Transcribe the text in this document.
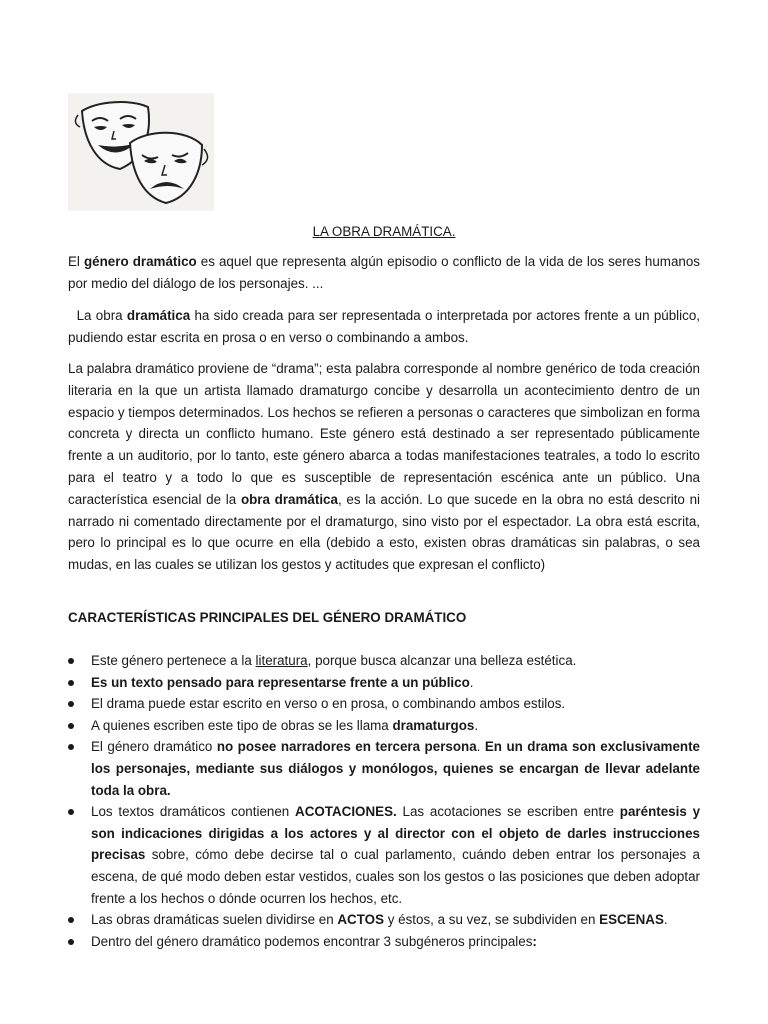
LA OBRA DRAMÁTICA.

El género dramático es aquel que representa algún episodio o conflicto de la vida de los seres humanos por medio del diálogo de los personajes. ...

La obra dramática ha sido creada para ser representada o interpretada por actores frente a un público, pudiendo estar escrita en prosa o en verso o combinando a ambos.

La palabra dramático proviene de “drama”; esta palabra corresponde al nombre genérico de toda creación literaria en la que un artista llamado dramaturgo concibe y desarrolla un acontecimiento dentro de un espacio y tiempos determinados. Los hechos se refieren a personas o caracteres que simbolizan en forma concreta y directa un conflicto humano. Este género está destinado a ser representado públicamente frente a un auditorio, por lo tanto, este género abarca a todas manifestaciones teatrales, a todo lo escrito para el teatro y a todo lo que es susceptible de representación escénica ante un público. Una característica esencial de la obra dramática, es la acción. Lo que sucede en la obra no está descrito ni narrado ni comentado directamente por el dramaturgo, sino visto por el espectador. La obra está escrita, pero lo principal es lo que ocurre en ella (debido a esto, existen obras dramáticas sin palabras, o sea mudas, en las cuales se utilizan los gestos y actitudes que expresan el conflicto)

CARACTERÍSTICAS PRINCIPALES DEL GÉNERO DRAMÁTICO
Este género pertenece a la literatura, porque busca alcanzar una belleza estética.
Es un texto pensado para representarse frente a un público.
El drama puede estar escrito en verso o en prosa, o combinando ambos estilos.
A quienes escriben este tipo de obras se les llama dramaturgos.
El género dramático no posee narradores en tercera persona. En un drama son exclusivamente los personajes, mediante sus diálogos y monólogos, quienes se encargan de llevar adelante toda la obra.
Los textos dramáticos contienen ACOTACIONES. Las acotaciones se escriben entre paréntesis y son indicaciones dirigidas a los actores y al director con el objeto de darles instrucciones precisas sobre, cómo debe decirse tal o cual parlamento, cuándo deben entrar los personajes a escena, de qué modo deben estar vestidos, cuales son los gestos o las posiciones que deben adoptar frente a los hechos o dónde ocurren los hechos, etc.
Las obras dramáticas suelen dividirse en ACTOS y éstos, a su vez, se subdividen en ESCENAS.
Dentro del género dramático podemos encontrar 3 subgéneros principales:
